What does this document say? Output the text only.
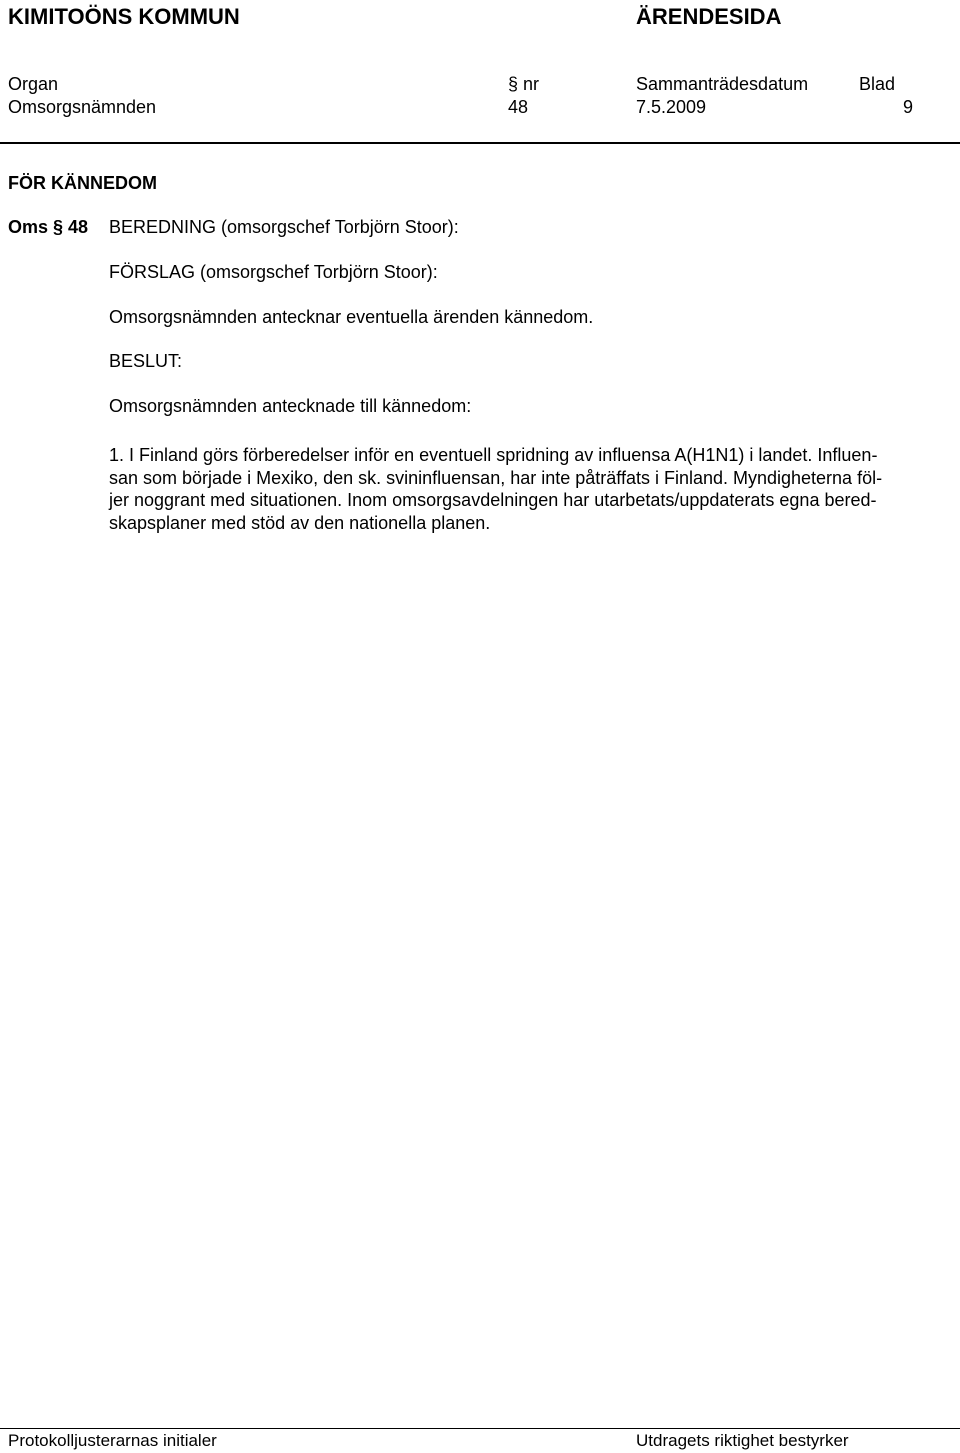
KIMITOÖNS KOMMUN	ÄRENDESIDA
Organ	§ nr	Sammanträdesdatum	Blad
Omsorgsnämnden	48	7.5.2009	9
FÖR KÄNNEDOM
Oms § 48 BEREDNING (omsorgschef Torbjörn Stoor):
FÖRSLAG (omsorgschef Torbjörn Stoor):
Omsorgsnämnden antecknar eventuella ärenden kännedom.
BESLUT:
Omsorgsnämnden antecknade till kännedom:
1. I Finland görs förberedelser inför en eventuell spridning av influensa A(H1N1) i landet. Influen-
san som började i Mexiko, den sk. svininfluensan, har inte påträffats i Finland. Myndigheterna föl-
jer noggrant med situationen. Inom omsorgsavdelningen har utarbetats/uppdaterats egna bered-
skapsplaner med stöd av den nationella planen.
Protokolljusterarnas initialer	Utdragets riktighet bestyrker
